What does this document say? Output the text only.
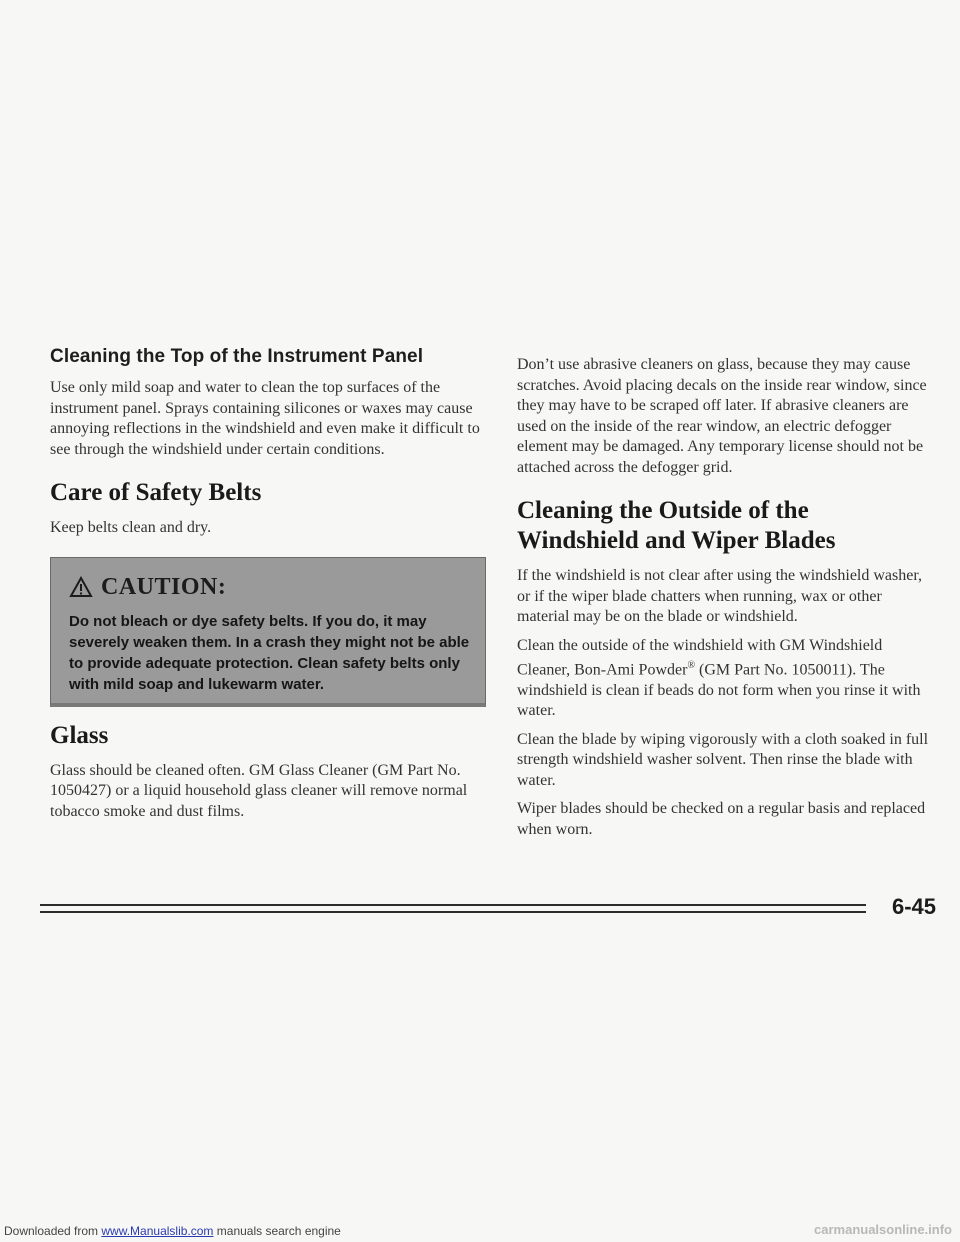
Cleaning the Top of the Instrument Panel

Use only mild soap and water to clean the top surfaces of the instrument panel. Sprays containing silicones or waxes may cause annoying reflections in the windshield and even make it difficult to see through the windshield under certain conditions.

Care of Safety Belts

Keep belts clean and dry.

CAUTION:

Do not bleach or dye safety belts. If you do, it may severely weaken them. In a crash they might not be able to provide adequate protection. Clean safety belts only with mild soap and lukewarm water.

Glass

Glass should be cleaned often. GM Glass Cleaner (GM Part No. 1050427) or a liquid household glass cleaner will remove normal tobacco smoke and dust films.

Don’t use abrasive cleaners on glass, because they may cause scratches. Avoid placing decals on the inside rear window, since they may have to be scraped off later. If abrasive cleaners are used on the inside of the rear window, an electric defogger element may be damaged. Any temporary license should not be attached across the defogger grid.

Cleaning the Outside of the Windshield and Wiper Blades

If the windshield is not clear after using the windshield washer, or if the wiper blade chatters when running, wax or other material may be on the blade or windshield.

Clean the outside of the windshield with GM Windshield Cleaner, Bon-Ami Powder® (GM Part No. 1050011). The windshield is clean if beads do not form when you rinse it with water.

Clean the blade by wiping vigorously with a cloth soaked in full strength windshield washer solvent. Then rinse the blade with water.

Wiper blades should be checked on a regular basis and replaced when worn.

6-45
Downloaded from www.Manualslib.com manuals search engine	carmanualsonline.info
